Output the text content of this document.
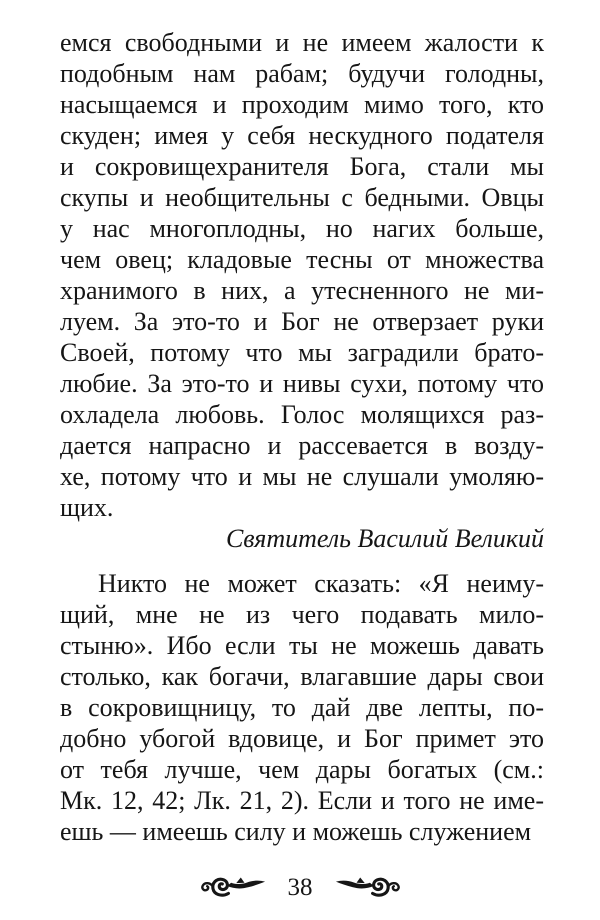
емся свободными и не имеем жалости к
подобным нам рабам; будучи голодны,
насыщаемся и проходим мимо того, кто
скуден; имея у себя нескудного подателя
и сокровищехранителя Бога, стали мы
скупы и необщительны с бедными. Овцы
у нас многоплодны, но нагих больше,
чем овец; кладовые тесны от множества
хранимого в них, а утесненного не ми-
луем. За это-то и Бог не отверзает руки
Своей, потому что мы заградили брато-
любие. За это-то и нивы сухи, потому что
охладела любовь. Голос молящихся раз-
дается напрасно и рассевается в возду-
хе, потому что и мы не слушали умоляю-
щих.
Святитель Василий Великий
Никто не может сказать: «Я неиму-
щий, мне не из чего подавать мило-
стыню». Ибо если ты не можешь давать
столько, как богачи, влагавшие дары свои
в сокровищницу, то дай две лепты, по-
добно убогой вдовице, и Бог примет это
от тебя лучше, чем дары богатых (см.:
Мк. 12, 42; Лк. 21, 2). Если и того не име-
ешь — имеешь силу и можешь служением
38
